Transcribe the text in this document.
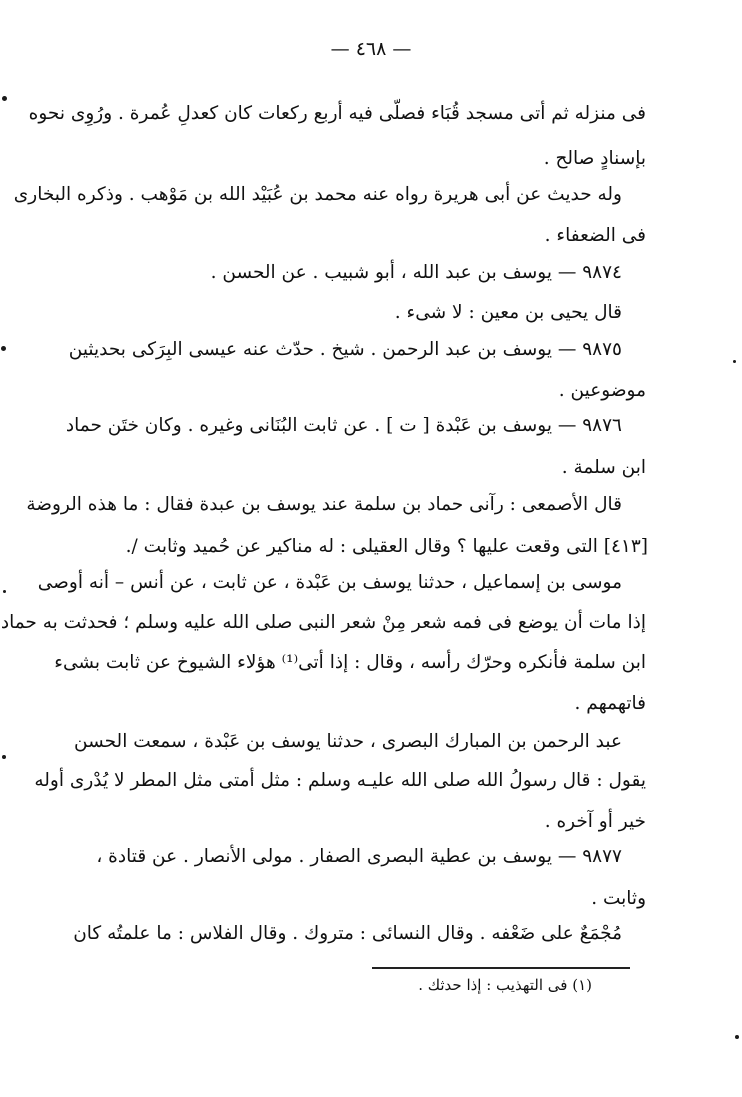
— ٤٦٨ —
فى منزله ثم أتى مسجد قُبَاء فصلّى فيه أربع ركعات كان كعدلِ عُمرة . ورُوِى نحوه
بإسنادٍ صالح .
وله حديث عن أبى هريرة رواه عنه محمد بن عُبَيْد الله بن مَوْهب . وذكره البخارى
فى الضعفاء .
٩٨٧٤ — يوسف بن عبد الله ، أبو شبيب . عن الحسن .
قال يحيى بن معين : لا شىء .
٩٨٧٥ — يوسف بن عبد الرحمن . شيخ . حدّث عنه عيسى البِرَكى بحديثين
موضوعين .
٩٨٧٦ — يوسف بن عَبْدة [ ت ] . عن ثابت البُنَانى وغيره . وكان ختَن حماد
ابن سلمة .
قال الأصمعى : رآنى حماد بن سلمة عند يوسف بن عبدة فقال : ما هذه الروضة
[٤١٣] التى وقعت عليها ؟ وقال العقيلى : له مناكير عن حُميد وثابت /.
موسى بن إسماعيل ، حدثنا يوسف بن عَبْدة ، عن ثابت ، عن أنس – أنه أوصى
إذا مات أن يوضع فى فمه شعر مِنْ شعر النبى صلى الله عليه وسلم ؛ فحدثت به حماد
ابن سلمة فأنكره وحرّك رأسه ، وقال : إذا أتى⁽¹⁾ هؤلاء الشيوخ عن ثابت بشىء
فاتهمهم .
عبد الرحمن بن المبارك البصرى ، حدثنا يوسف بن عَبْدة ، سمعت الحسن
يقول : قال رسولُ الله صلى الله عليـه وسلم : مثل أمتى مثل المطر لا يُدْرى أوله
خير أو آخره .
٩٨٧٧ — يوسف بن عطية البصرى الصفار . مولى الأنصار . عن قتادة ،
وثابت .
مُجْمَعٌ على ضَعْفه . وقال النسائى : متروك . وقال الفلاس : ما علمتُه كان
(١) فى التهذيب : إذا حدثك .
